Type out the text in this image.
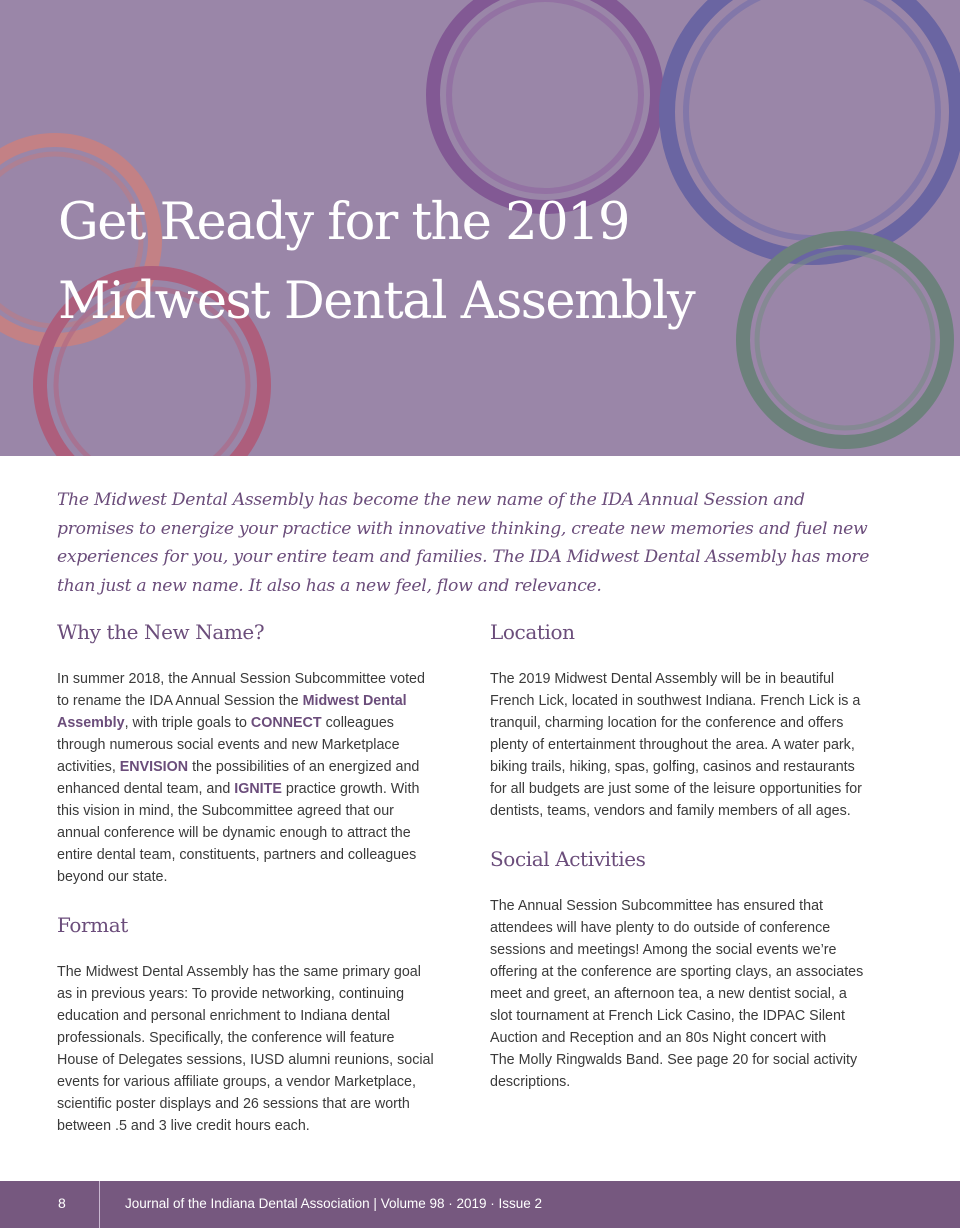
Get Ready for the 2019
Midwest Dental Assembly

The Midwest Dental Assembly has become the new name of the IDA Annual Session and
promises to energize your practice with innovative thinking, create new memories and fuel new
experiences for you, your entire team and families. The IDA Midwest Dental Assembly has more
than just a new name. It also has a new feel, flow and relevance.

Why the New Name?

In summer 2018, the Annual Session Subcommittee voted
to rename the IDA Annual Session the Midwest Dental
Assembly, with triple goals to CONNECT colleagues
through numerous social events and new Marketplace
activities, ENVISION the possibilities of an energized and
enhanced dental team, and IGNITE practice growth. With
this vision in mind, the Subcommittee agreed that our
annual conference will be dynamic enough to attract the
entire dental team, constituents, partners and colleagues
beyond our state.

Format

The Midwest Dental Assembly has the same primary goal
as in previous years: To provide networking, continuing
education and personal enrichment to Indiana dental
professionals. Specifically, the conference will feature
House of Delegates sessions, IUSD alumni reunions, social
events for various affiliate groups, a vendor Marketplace,
scientific poster displays and 26 sessions that are worth
between .5 and 3 live credit hours each.

Location

The 2019 Midwest Dental Assembly will be in beautiful
French Lick, located in southwest Indiana. French Lick is a
tranquil, charming location for the conference and offers
plenty of entertainment throughout the area. A water park,
biking trails, hiking, spas, golfing, casinos and restaurants
for all budgets are just some of the leisure opportunities for
dentists, teams, vendors and family members of all ages.

Social Activities

The Annual Session Subcommittee has ensured that
attendees will have plenty to do outside of conference
sessions and meetings! Among the social events we’re
offering at the conference are sporting clays, an associates
meet and greet, an afternoon tea, a new dentist social, a
slot tournament at French Lick Casino, the IDPAC Silent
Auction and Reception and an 80s Night concert with
The Molly Ringwalds Band. See page 20 for social activity
descriptions.

8	Journal of the Indiana Dental Association | Volume 98 · 2019 · Issue 2
